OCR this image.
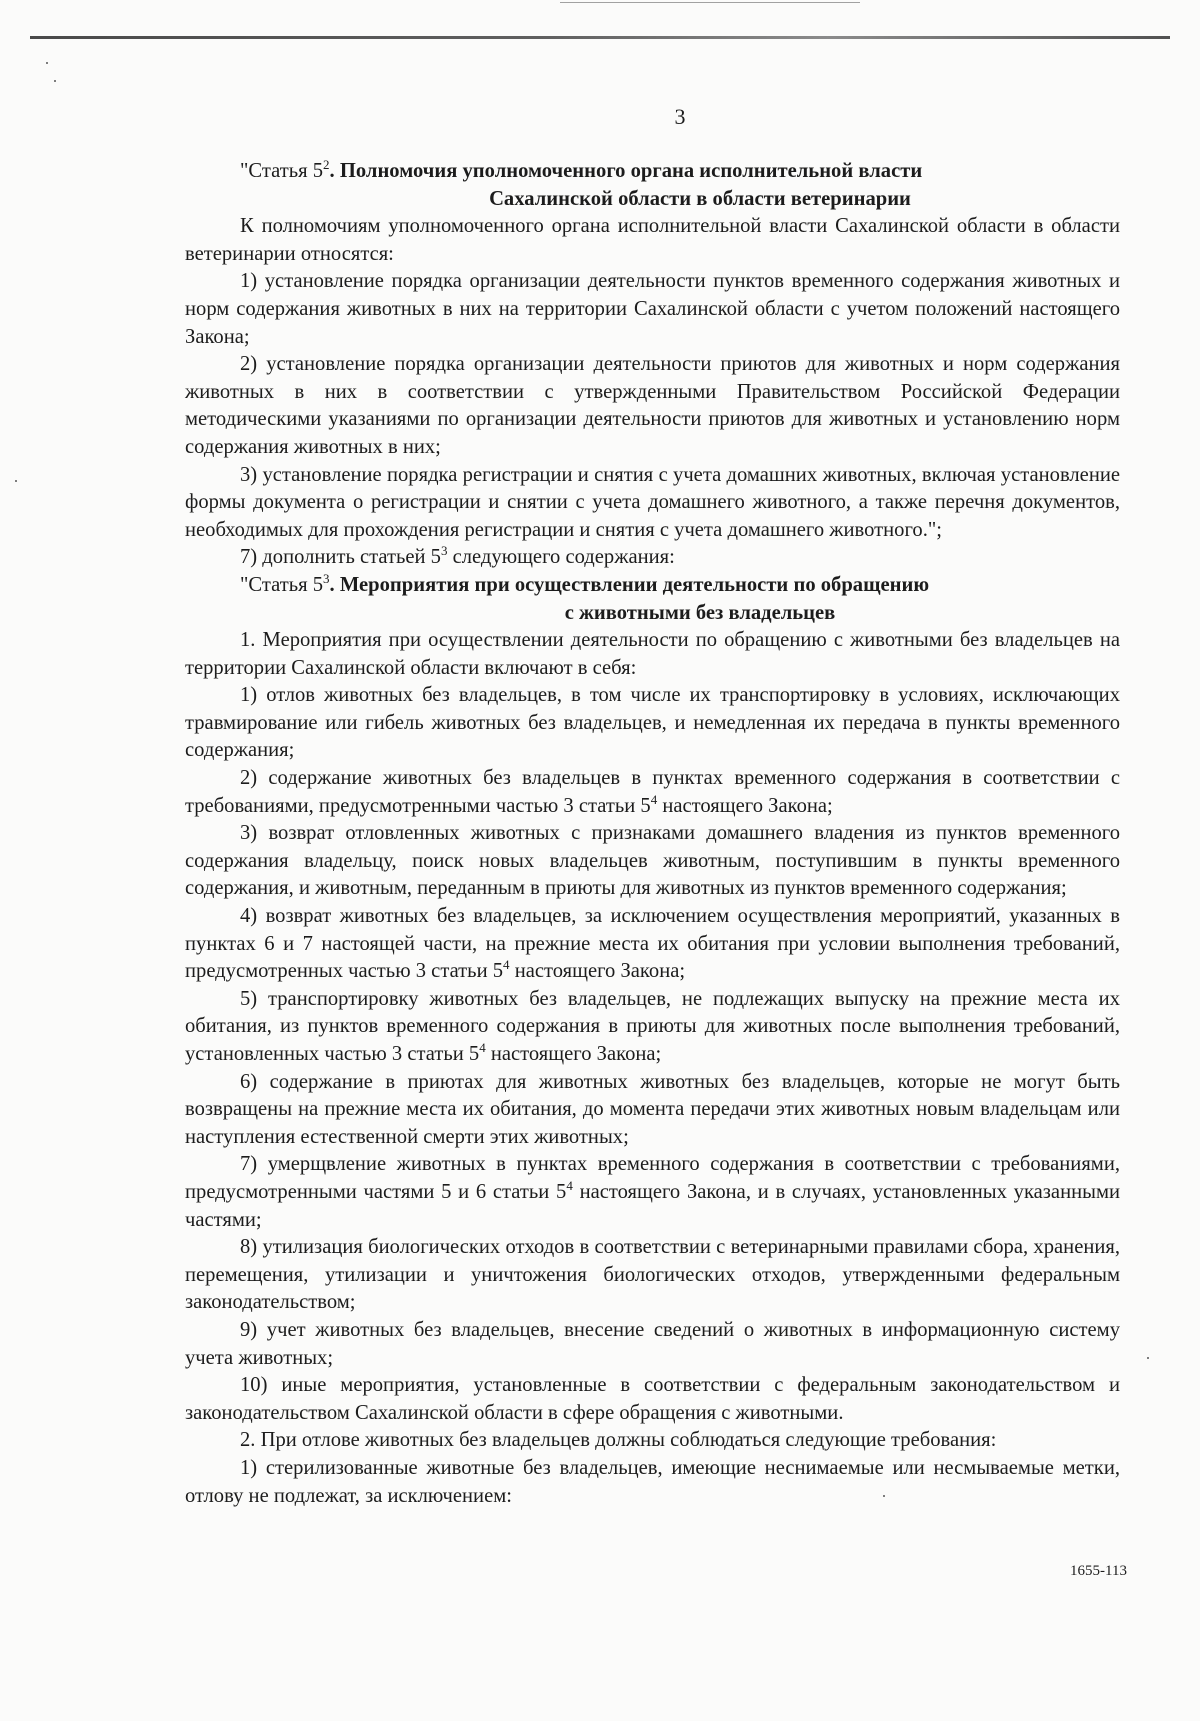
3

"Статья $5^2$. Полномочия уполномоченного органа исполнительной власти

Сахалинской области в области ветеринарии

К полномочиям уполномоченного органа исполнительной власти Сахалинской области в области ветеринарии относятся:

1) установление порядка организации деятельности пунктов временного содержания животных и норм содержания животных в них на территории Сахалинской области с учетом положений настоящего Закона;

2) установление порядка организации деятельности приютов для животных и норм содержания животных в них в соответствии с утвержденными Правительством Российской Федерации методическими указаниями по организации деятельности приютов для животных и установлению норм содержания животных в них;

3) установление порядка регистрации и снятия с учета домашних животных, включая установление формы документа о регистрации и снятии с учета домашнего животного, а также перечня документов, необходимых для прохождения регистрации и снятия с учета домашнего животного.";

7) дополнить статьей $5^3$ следующего содержания:

"Статья $5^3$. Мероприятия при осуществлении деятельности по обращению

с животными без владельцев

1. Мероприятия при осуществлении деятельности по обращению с животными без владельцев на территории Сахалинской области включают в себя:

1) отлов животных без владельцев, в том числе их транспортировку в условиях, исключающих травмирование или гибель животных без владельцев, и немедленная их передача в пункты временного содержания;

2) содержание животных без владельцев в пунктах временного содержания в соответствии с требованиями, предусмотренными частью 3 статьи $5^4$ настоящего Закона;

3) возврат отловленных животных с признаками домашнего владения из пунктов временного содержания владельцу, поиск новых владельцев животным, поступившим в пункты временного содержания, и животным, переданным в приюты для животных из пунктов временного содержания;

4) возврат животных без владельцев, за исключением осуществления мероприятий, указанных в пунктах 6 и 7 настоящей части, на прежние места их обитания при условии выполнения требований, предусмотренных частью 3 статьи $5^4$ настоящего Закона;

5) транспортировку животных без владельцев, не подлежащих выпуску на прежние места их обитания, из пунктов временного содержания в приюты для животных после выполнения требований, установленных частью 3 статьи $5^4$ настоящего Закона;

6) содержание в приютах для животных животных без владельцев, которые не могут быть возвращены на прежние места их обитания, до момента передачи этих животных новым владельцам или наступления естественной смерти этих животных;

7) умерщвление животных в пунктах временного содержания в соответствии с требованиями, предусмотренными частями 5 и 6 статьи $5^4$ настоящего Закона, и в случаях, установленных указанными частями;

8) утилизация биологических отходов в соответствии с ветеринарными правилами сбора, хранения, перемещения, утилизации и уничтожения биологических отходов, утвержденными федеральным законодательством;

9) учет животных без владельцев, внесение сведений о животных в информационную систему учета животных;

10) иные мероприятия, установленные в соответствии с федеральным законодательством и законодательством Сахалинской области в сфере обращения с животными.

2. При отлове животных без владельцев должны соблюдаться следующие требования:

1) стерилизованные животные без владельцев, имеющие неснимаемые или несмываемые метки, отлову не подлежат, за исключением:

1655-113
